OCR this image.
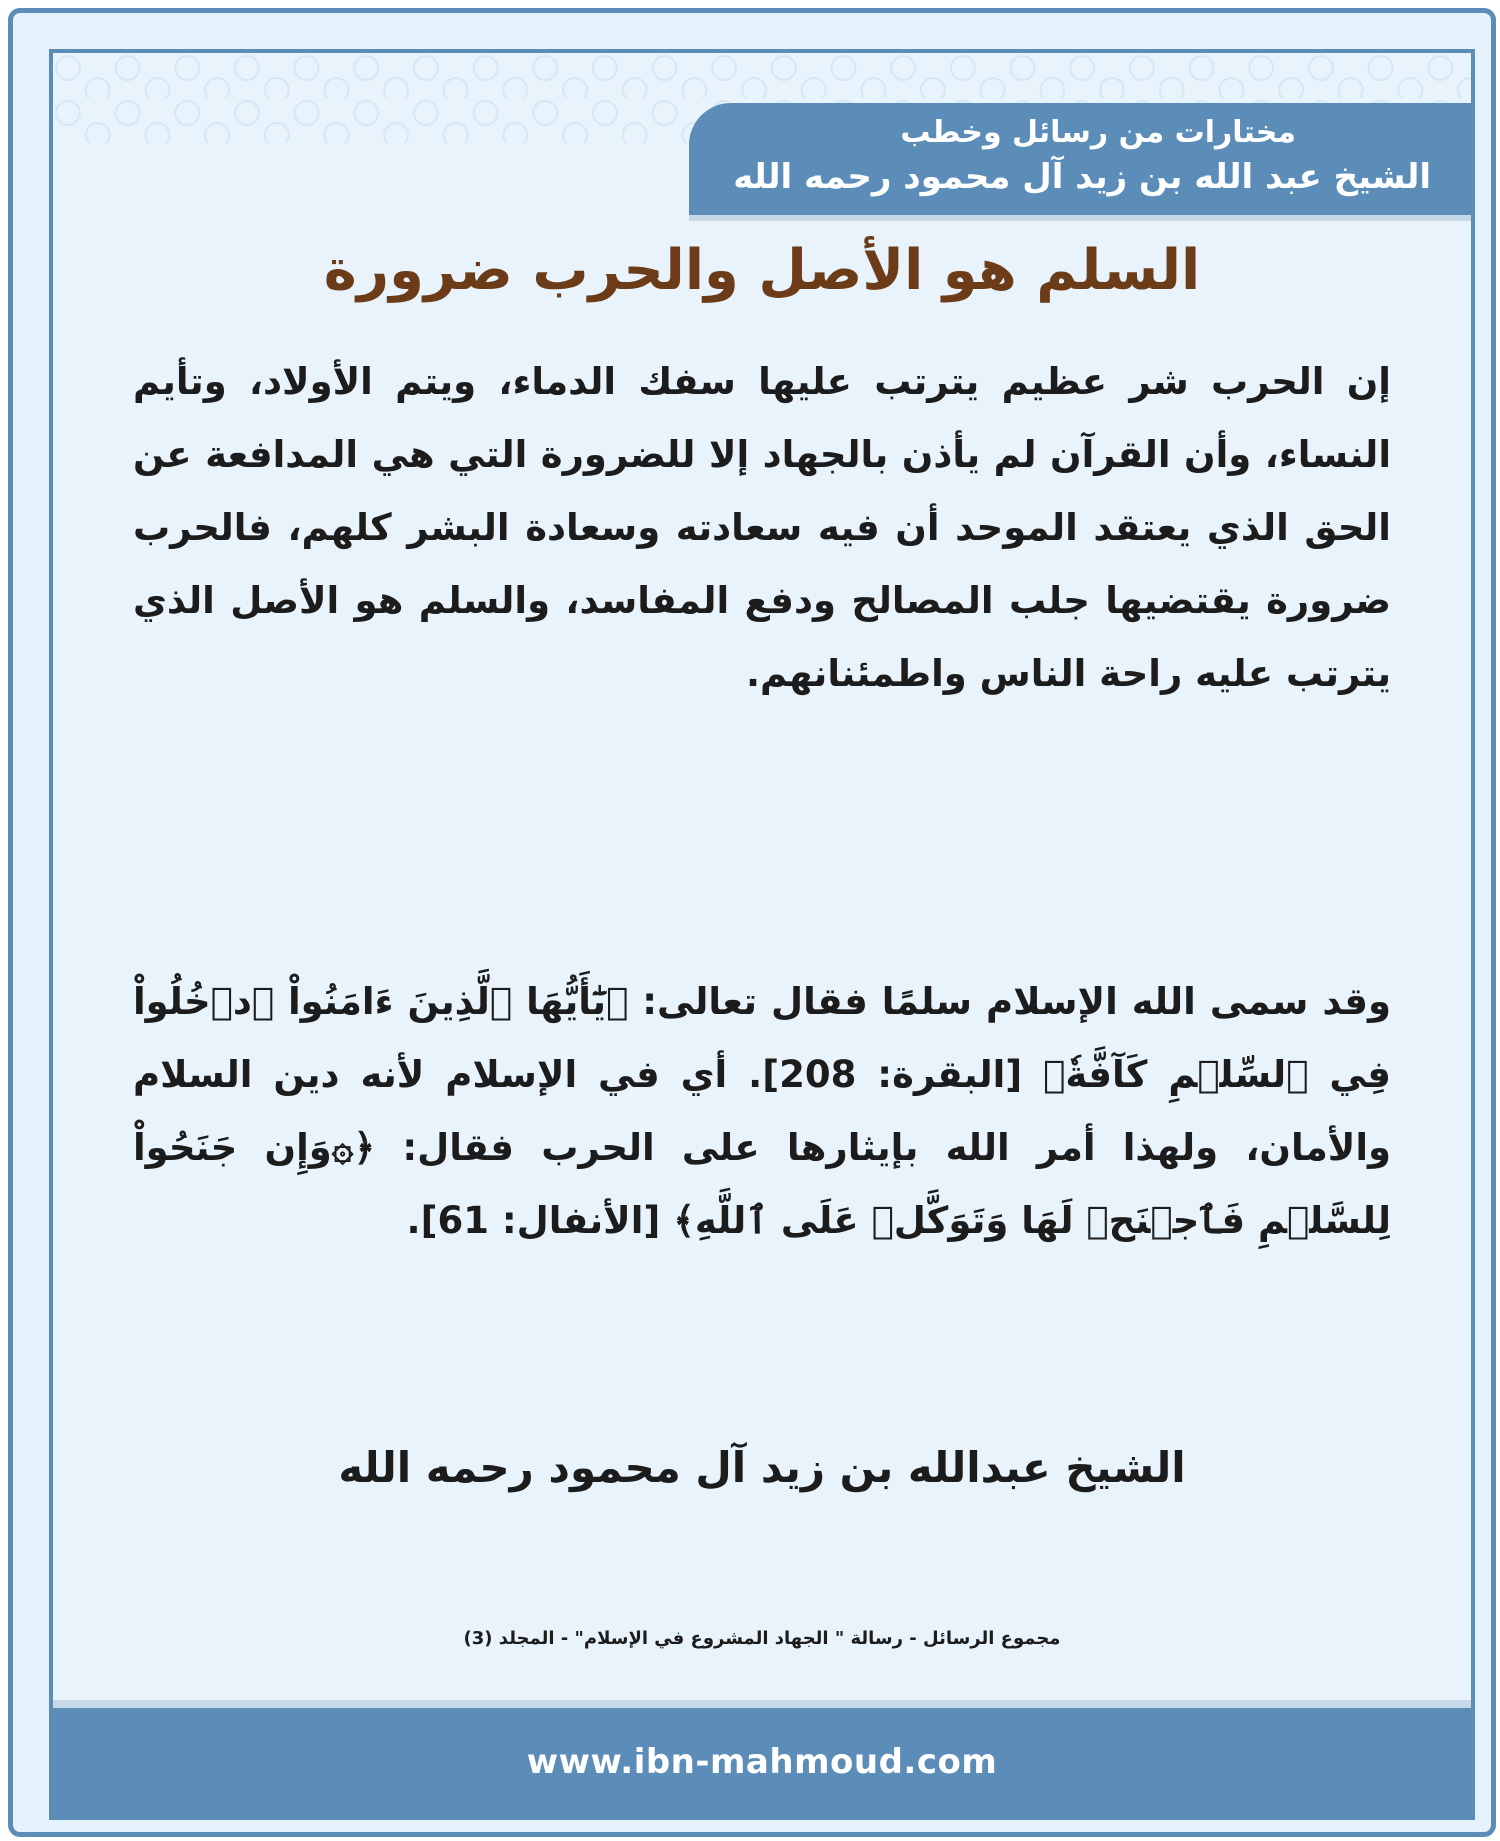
مختارات من رسائل وخطب
الشيخ عبد الله بن زيد آل محمود رحمه الله
السلم هو الأصل والحرب ضرورة
إن الحرب شر عظيم يترتب عليها سفك الدماء، ويتم الأولاد، وتأيم النساء، وأن القرآن لم يأذن بالجهاد إلا للضرورة التي هي المدافعة عن الحق الذي يعتقد الموحد أن فيه سعادته وسعادة البشر كلهم، فالحرب ضرورة يقتضيها جلب المصالح ودفع المفاسد، والسلم هو الأصل الذي يترتب عليه راحة الناس واطمئنانهم.
وقد سمى الله الإسلام سلمًا فقال تعالى: ﴿يَٰٓأَيُّهَا ٱلَّذِينَ ءَامَنُواْ ٱدۡخُلُواْ فِي ٱلسِّلۡمِ كَآفَّةٗ﴾ [البقرة: 208]. أي في الإسلام لأنه دين السلام والأمان، ولهذا أمر الله بإيثارها على الحرب فقال: ﴿۞وَإِن جَنَحُواْ لِلسَّلۡمِ فَٱجۡنَحۡ لَهَا وَتَوَكَّلۡ عَلَى ٱللَّهِ﴾ [الأنفال: 61].
الشيخ عبدالله بن زيد آل محمود رحمه الله
مجموع الرسائل - رسالة " الجهاد المشروع في الإسلام" - المجلد (3)
www.ibn-mahmoud.com
